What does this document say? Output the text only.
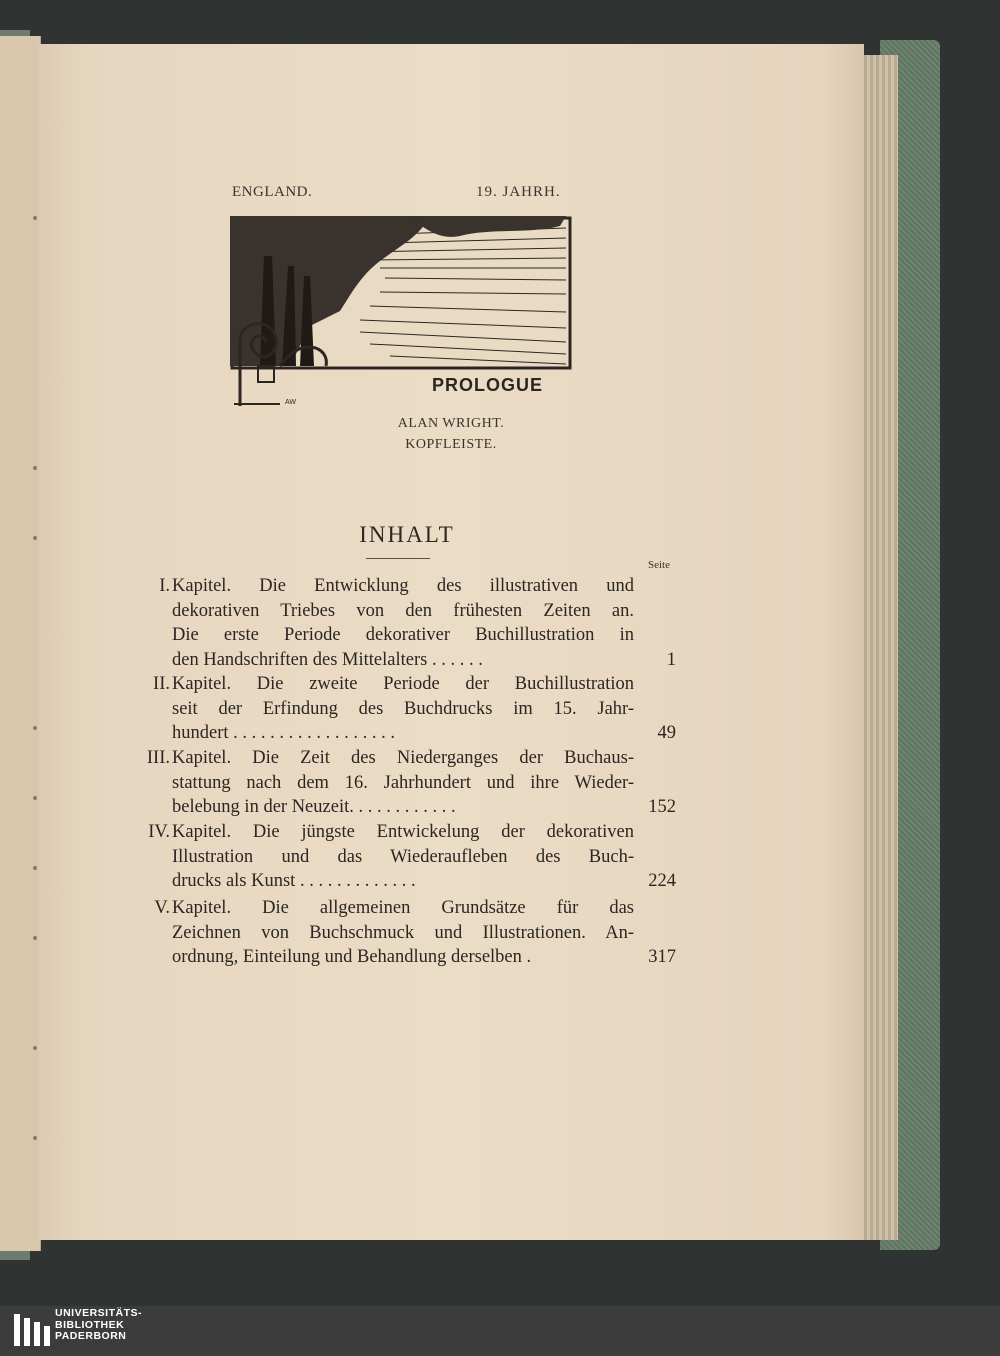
ENGLAND.	19. JAHRH.
PROLOGUE
AW
ALAN WRIGHT.
KOPFLEISTE.
INHALT
Seite
I. Kapitel. Die Entwicklung des illustrativen und
dekorativen Triebes von den frühesten Zeiten an.
Die erste Periode dekorativer Buchillustration in
den Handschriften des Mittelalters . . . . . .	1
II. Kapitel. Die zweite Periode der Buchillustration
seit der Erfindung des Buchdrucks im 15. Jahr-
hundert . . . . . . . . . . . . . . . . . .	49
III. Kapitel. Die Zeit des Niederganges der Buchaus-
stattung nach dem 16. Jahrhundert und ihre Wieder-
belebung in der Neuzeit. . . . . . . . . . . .	152
IV. Kapitel. Die jüngste Entwickelung der dekorativen
Illustration und das Wiederaufleben des Buch-
drucks als Kunst . . . . . . . . . . . . .	224
V. Kapitel. Die allgemeinen Grundsätze für das
Zeichnen von Buchschmuck und Illustrationen. An-
ordnung, Einteilung und Behandlung derselben .	317
UNIVERSITÄTS-
BIBLIOTHEK
PADERBORN
